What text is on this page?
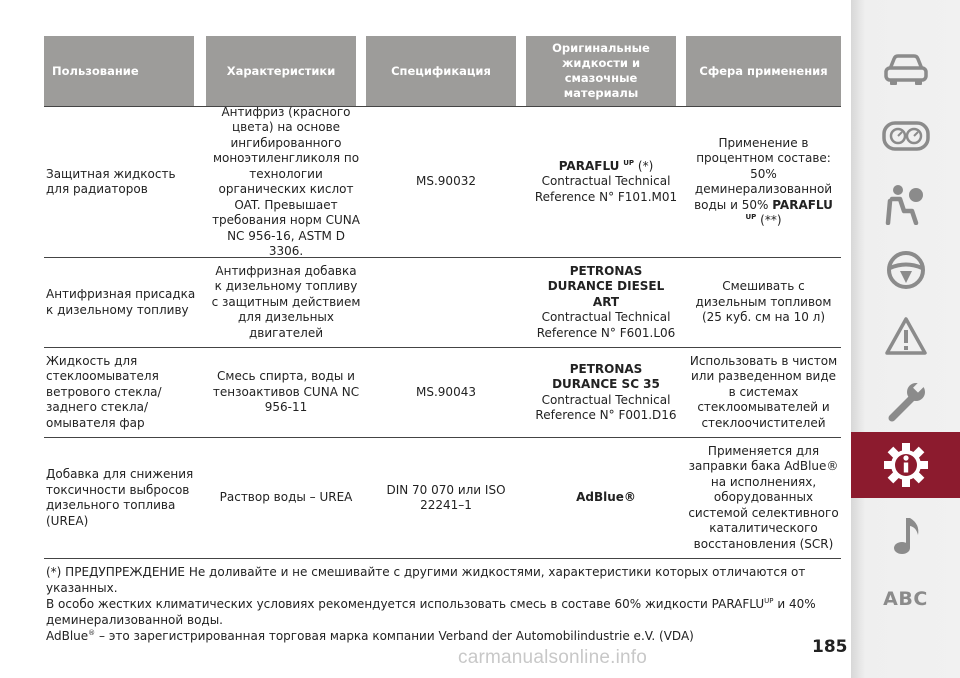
Пользование	Характеристики	Спецификация
Оригинальные жидкости и смазочные материалы
Сфера применения
Защитная жидкость для радиаторов
Антифриз (красного цвета) на основе ингибированного моноэтиленгликоля по технологии органических кислот OAT. Превышает требования норм CUNA NC 956-16, ASTM D 3306.
MS.90032
PARAFLU $^{UP}$ (*)
Contractual Technical Reference N° F101.M01
Применение в процентном составе: 50% деминерализованной воды и 50% PARAFLU $^{UP}$ (**)
Антифризная присадка к дизельному топливу
Антифризная добавка к дизельному топливу с защитным действием для дизельных двигателей
PETRONAS DURANCE DIESEL ART
Contractual Technical Reference N° F601.L06
Смешивать с дизельным топливом (25 куб. см на 10 л)
Жидкость для стеклоомывателя ветрового стекла/ заднего стекла/ омывателя фар
Смесь спирта, воды и тензоактивов CUNA NC 956-11
MS.90043
PETRONAS DURANCE SC 35
Contractual Technical Reference N° F001.D16
Использовать в чистом или разведенном виде в системах стеклоомывателей и стеклоочистителей
Добавка для снижения токсичности выбросов дизельного топлива (UREA)
Раствор воды – UREA
DIN 70 070 или ISO 22241–1
AdBlue®
Применяется для заправки бака AdBlue® на исполнениях, оборудованных системой селективного каталитического восстановления (SCR)

(*) ПРЕДУПРЕЖДЕНИЕ Не доливайте и не смешивайте с другими жидкостями, характеристики которых отличаются от указанных.

В особо жестких климатических условиях рекомендуется использовать смесь в составе 60% жидкости $PARAFLU^{UP}$ и 40% деминерализованной воды.

AdBlue® – это зарегистрированная торговая марка компании Verband der Automobilindustrie e.V. (VDA)

185
carmanualsonline.info
ABC
